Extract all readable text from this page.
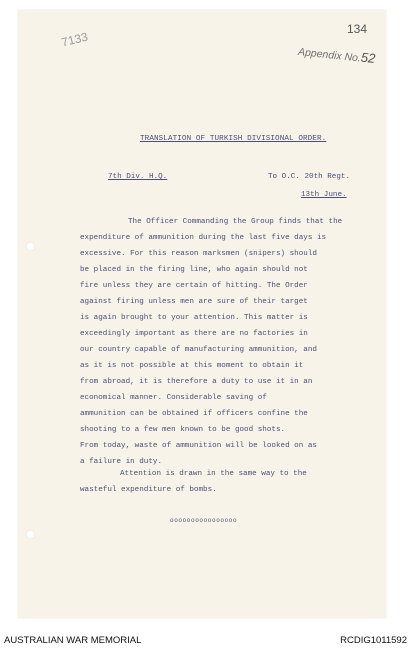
134
Appendix No.52
7133
TRANSLATION OF TURKISH DIVISIONAL ORDER.
7th Div. H.Q.	To O.C. 20th Regt.
13th June.
The Officer Commanding the Group finds that the
expenditure of ammunition during the last five days is
excessive. For this reason marksmen (snipers) should
be placed in the firing line, who again should not
fire unless they are certain of hitting. The Order
against firing unless men are sure of their target
is again brought to your attention. This matter is
exceedingly important as there are no factories in
our country capable of manufacturing ammunition, and
as it is not possible at this moment to obtain it
from abroad, it is therefore a duty to use it in an
economical manner. Considerable saving of
ammunition can be obtained if officers confine the
shooting to a few men known to be good shots.
From today, waste of ammunition will be looked on as
a failure in duty.
Attention is drawn in the same way to the
wasteful expenditure of bombs.
oooooooooooooooo
AUSTRALIAN WAR MEMORIAL	RCDIG1011592
